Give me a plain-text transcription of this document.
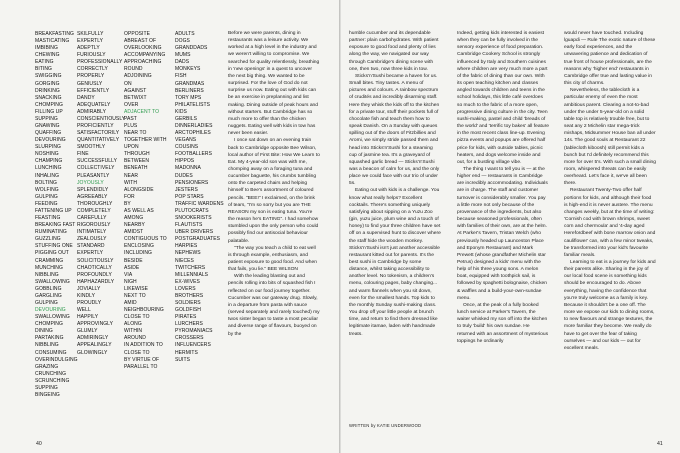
BREAKFASTING
MASTICATING
IMBIBING
CHEWING
EATING
BITING
SWIGGING
GORGING
DRINKING
SNACKING
CHOMPING
FILLING UP
SUPPING
GNAWING
QUAFFING
DEVOURING
SLURPING
NOSHING
CHAMPING
LUNCHING
INHALING
BOLTING
WOLFING
GULPING
FEEDING
FATTENING UP
FEASTING
BREAKING FAST
RUMINATING
GUZZLING
STUFFING ONE
PIGGING OUT
CRAMMING
MUNCHING
NIBBLING
SWALLOWING
GOBBLING
GARGLING
GULPING
DEVOURING
SWALLOWING
CHOMPING
DINING
PARTAKING
NIBBLING
CONSUMING
OVERINDULGING
GRAZING
CRUNCHING
SCRUNCHING
SUPPING
BINGEING
SKILFULLY
EXPERTLY
ADEPTLY
FURIOUSLY
PROFESSIONALLY
CORRECTLY
PROPERLY
GENIUSLY
EFFICIENTLY
DANDY
ADEQUATELY
ADMIRABLY
CONSCIENTIOUSLY
PROFICIENTLY
SATISFACTORILY
QUANTITATIVELY
SMOOTHLY
FINE
SUCCESSFULLY
COLLECTIVELY
PLEASANTLY
JOYOUSLY
SPLENDIDLY
AGREEABLY
THOROUGHLY
COMPLETELY
CAREFULLY
RIGOROUSLY
INTIMATELY
ZEALOUSLY
STANDARD
EXPERTLY
SOLICITOUSLY
CHAOTICALLY
PROFOUNDLY
HAPHAZARDLY
JOVIALLY
KINDLY
PROUDLY
WELL
HAPPILY
APPROVINGLY
GLUMLY
ADMIRINGLY
APPEALINGLY
GLOWINGLY
OPPOSITE
ABREAST OF
OVERLOOKING
ACCOMPANYING
APPROACHING
ROUND
ADJOINING
ON
AGAINST
BETWIXT
OVER
ADJACENT TO
PAST
PLUS
NEAR TO
TOGETHER WITH
UPON
THROUGH
BETWEEN
BENEATH
NEAR
WITH
ALONGSIDE
FOR
BY
AS WELL AS
AMONG
NEARBY
AMIDST
CONTIGUOUS TO
ENCLOSING
INCLUDING
BESIDE
ASIDE
VIA
NIGH
LIKEWISE
NEXT TO
AMID
NEIGHBOURING
CLOSE TO
ALONG
WITHIN
AROUND
IN ADDITION TO
CLOSE TO
BY VIRTUE OF
PARALLEL TO
ADULTS
DOGS
GRANDDADS
MUMS
DADS
MONKEYS
FISH
GRANDMAS
BERLINERS
TORY MPS
PHILATELISTS
KIDS
GERBILS
DINNERLADIES
ARCTOPHILES
VEGANS
COUSINS
FOOTBALLERS
HIPPOS
MADONNA
DUDES
PENSIONERS
JESTERS
POP STARS
TRAFFIC WARDENS
PLUTOCRATS
SNOOKERISTS
FLAUTISTS
UBER DRIVERS
POSTGRADUATES
HARPIES
NEPHEWS
NIECES
TWITCHERS
MILLENNIALS
EX-WIVES
LOVERS
BROTHERS
SOLDIERS
GOLDFISH
PIRATES
LURCHERS
PYROMANIACS
CROSSERS
INFLUENCERS
HERMITS
SUITS

Before we were parents, dining in restaurants was a leisure activity. We worked at a high level in the industry and we weren't willing to compromise. We searched for quality relentlessly, breathing in 'new openings' in a quest to uncover the next big thing. We wanted to be surprised. For the love of God do not surprise us now. Eating out with kids can be an exercise in preplanning and list making. Dining outside of peak hours and without starters. But Cambridge has so much more to offer than the chicken nuggets. Eating well with kids in tow has never been easier.

I once sat down on an evening train back to Cambridge opposite Bee Wilson, local author of First Bite: How We Learn to Eat. My 4-year-old son was with me, chomping away on a foraging tuna and cucumber baguette, his crumbs tumbling onto the carpeted chairs and helping himself to Bee's assortment of coloured pencils. "BEE!" I exclaimed, on the brink of tears, "I'm so sorry but you are THE REASON my son is eating tuna. You're the reason he's EATING". I had somehow stumbled upon the only person who could possibly find our antisocial behaviour palatable.

"The way you teach a child to eat well is through example, enthusiasm, and patient exposure to good food. And when that fails, you lie." BEE WILSON

With the leading blasting out and pencils rolling into bits of squashed fish I reflected on our food journey together. Cucumber was our gateway drug. Slowly, in a departure from pasta with sauce (served separately and rarely touched) my twos sister began to taste a most peculiar and diverse range of flavours, buoyed on by the

40

humble cucumber and its dependable partner: plain carbohydrates. With patient exposure to good food and plenty of lies along the way, we navigated our way through Cambridge's dining scene with one, then two, now three kids in tow.

Sticks'n'Sushi became a haven for us. Small bites. Tiny tastes. A menu of pictures and colours. A rainbow spectrum of crudités and incredibly disarming staff. Here they whisk the kids off to the kitchen for a private tour, stuff their pockets full of chocolate fish and teach them how to speak Danish. On a Sunday with queues spilling out of the doors of Fitzbillies and Aromi, we simply stride passed them and head into Sticks'n'Sushi for a steaming cup of jasmine tea. It's a graveyard of squashed garlic bread — Sticks'n'Sushi was a beacon of calm for us, and the only place we could face with our trio of under 5s.

Eating out with kids is a challenge. You know what really helps? Excellent cocktails. There's something uniquely satisfying about sipping on a Yuzu Zoo (gin, yuzu juice, plum wine and a touch of honey) to find your three children have set off on a supervised hunt to discover where the staff hide the wooden monkey. Sticks'n'Sushi isn't just another accessible restaurant kitted out for parents. It's the best sushi in Cambridge by some distance, whilst taking accessibility to another level. No tokenism, a children's menu, colouring pages, baby changing... and warm flannels when you sit down, even for the smallest hands. Top kids to the monthly Sunday sushi-making class. You drop off your little people at brunch time, and return to find them dressed like legitimate itamae, laden with handmade treats.

Indeed, getting kids interested is easiest when they can be fully involved in the sensory experience of food preparation. Cambridge Cookery School is strongly influenced by Italy and Southern cuisines where children are very much more a part of the fabric of dining than our own. With its open teaching kitchen and classes angled towards children and teens in the school holidays, this little café overdoes so much to the fabric of a more open, progressive dining culture in the city. Teen sushi-making, pastel and child 'breads of the world' and 'terrific toy bakes' all feature in the most recent class line-up. Evening pizza events and popups are offered half price for kids, with outside tables, picnic heaters, and dogs welcome inside and out, for a bustling village vibe.

The thing I want to tell you is — at the higher end — restaurants in Cambridge are incredibly accommodating. Individuals are in charge. The staff and customer turnover is considerably smaller. You pay a little more not only because of the provenance of the ingredients, but also because seasoned professionals, often with families of their own, are at the helm. At Parker's Tavern, Tristan Welch (who previously headed up Launceston Place and Eponym Restaurant) and Mark Prewett (whose grandfather Michelin star Petrus) designed a kids' menu with the help of his three young sons. A melon boat, equipped with toothpick sail, is followed by spaghetti bolognaise, chicken & waffles and a build-your-own-sundae menu.

Once, at the peak of a fully booked lunch service at Parker's Tavern, the waiter whisked my son off into the kitchen to truly 'build' his own sundae. He returned with an assortment of mysterious toppings he ordinarily

would never have touched. Including lguapdi — Rule The exotic nature of these early food experiences, and the unwavering patience and dedication of true front of house professionals, are the reasons why 'higher end' restaurants in Cambridge offer true and lasting value in this city of charms.

Nevertheless, the tableclоth is a particular enemy of even the most ambitious parent. Clearing a not-to-bad under the under 5-year-old on a solid table top is relatively trouble free, but to seat any 2 Michelin star mega-trick mishaps, Midsummer House ban all under 14s. The good souls at Restaurant 22 (tablecloth kiboosh) still permit kids a bunch but I'd definitely recommend this more for over 5's. With such a small dining room, whispered threats can be easily overheard. Let's face it, we've all been there.

Restaurant Twenty-Two offer half portions for kids, and although their food is high-end it is never austere. The menu changes weekly, but at the time of writing: 'Cornish cod with brown shrimps, sweet corn and chermoula' and '4-day aged Herefordbeef with bone marrow onion and cauliflower' can, with a few minor tweaks, be transformed into your kid's favourite familiar meals.

Learning to eat is a journey for kids and their parents alike. Sharing in the joy of our local food scene is something kids should be encouraged to do. Above everything, having the confidence that you're truly welcome as a family is key. Because it shouldn't be a one off. The more we expose our kids to dining rooms, to new flavours and strange textures, the more familiar they become. We really do have to get over the fear of taking ourselves — and our kids — out for excellent meals.

WRITTEN by KATIE UNDERWOOD
41
